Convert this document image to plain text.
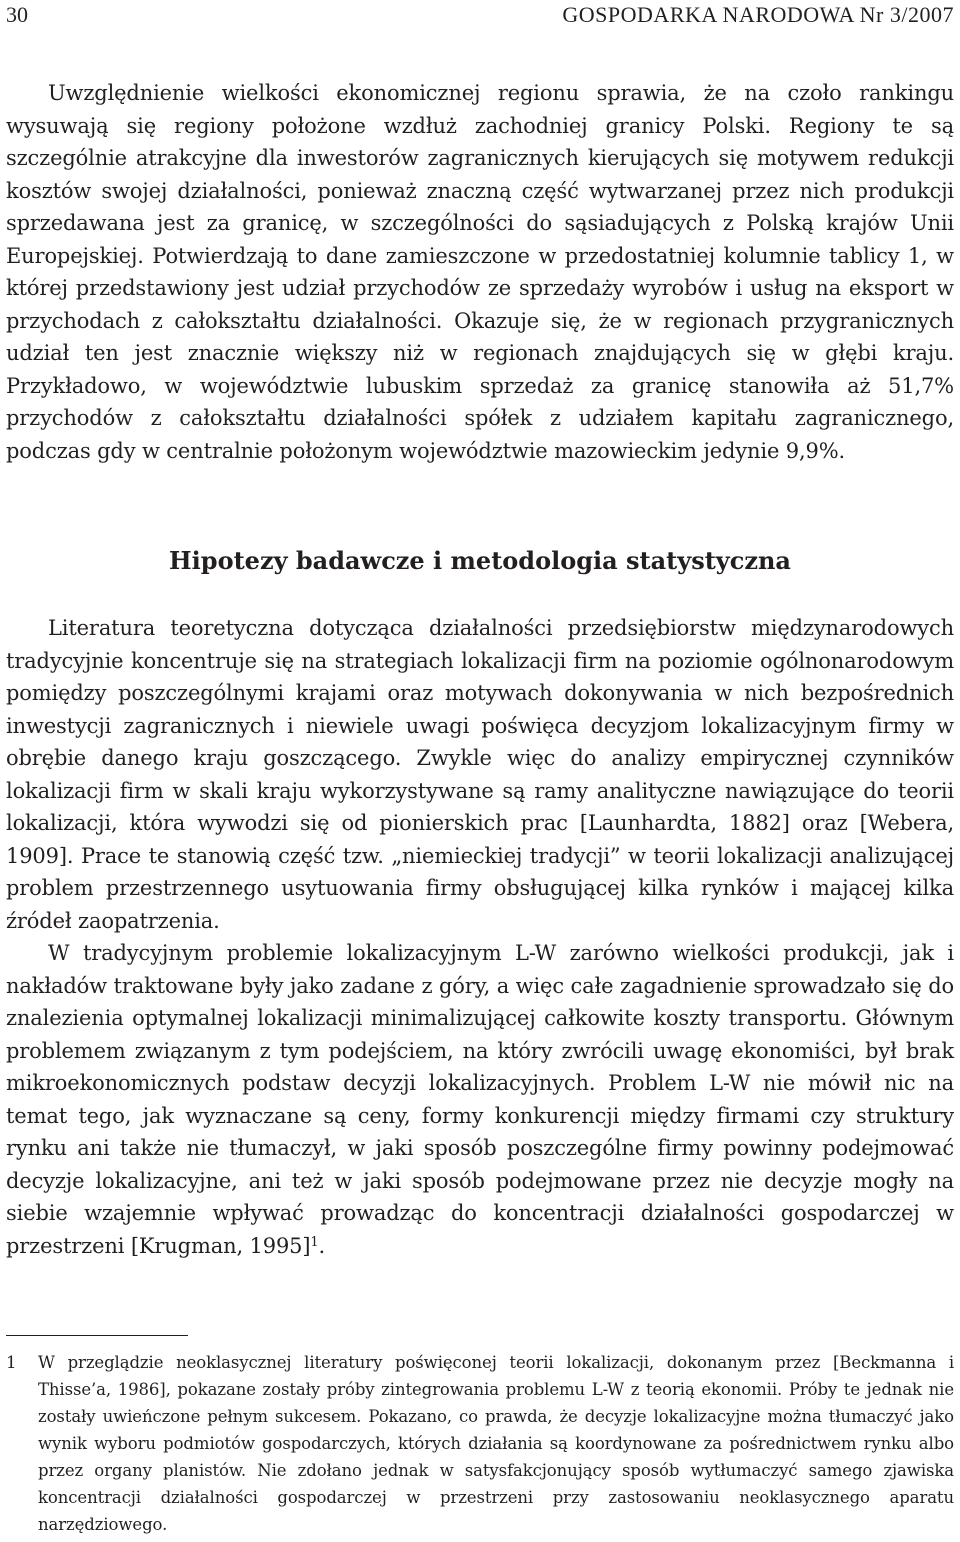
30	GOSPODARKA NARODOWA Nr 3/2007

Uwzględnienie wielkości ekonomicznej regionu sprawia, że na czoło rankingu wysuwają się regiony położone wzdłuż zachodniej granicy Polski. Regiony te są szczególnie atrakcyjne dla inwestorów zagranicznych kierujących się motywem redukcji kosztów swojej działalności, ponieważ znaczną część wytwarzanej przez nich produkcji sprzedawana jest za granicę, w szczególności do sąsiadujących z Polską krajów Unii Europejskiej. Potwierdzają to dane zamieszczone w przedostatniej kolumnie tablicy 1, w której przedstawiony jest udział przychodów ze sprzedaży wyrobów i usług na eksport w przychodach z całokształtu działalności. Okazuje się, że w regionach przygranicznych udział ten jest znacznie większy niż w regionach znajdujących się w głębi kraju. Przykładowo, w województwie lubuskim sprzedaż za granicę stanowiła aż 51,7% przychodów z całokształtu działalności spółek z udziałem kapitału zagranicznego, podczas gdy w centralnie położonym województwie mazowieckim jedynie 9,9%.

Hipotezy badawcze i metodologia statystyczna

Literatura teoretyczna dotycząca działalności przedsiębiorstw międzynarodowych tradycyjnie koncentruje się na strategiach lokalizacji firm na poziomie ogólnonarodowym pomiędzy poszczególnymi krajami oraz motywach dokonywania w nich bezpośrednich inwestycji zagranicznych i niewiele uwagi poświęca decyzjom lokalizacyjnym firmy w obrębie danego kraju goszczącego. Zwykle więc do analizy empirycznej czynników lokalizacji firm w skali kraju wykorzystywane są ramy analityczne nawiązujące do teorii lokalizacji, która wywodzi się od pionierskich prac [Launhardta, 1882] oraz [Webera, 1909]. Prace te stanowią część tzw. „niemieckiej tradycji” w teorii lokalizacji analizującej problem przestrzennego usytuowania firmy obsługującej kilka rynków i mającej kilka źródeł zaopatrzenia.

W tradycyjnym problemie lokalizacyjnym L-W zarówno wielkości produkcji, jak i nakładów traktowane były jako zadane z góry, a więc całe zagadnienie sprowadzało się do znalezienia optymalnej lokalizacji minimalizującej całkowite koszty transportu. Głównym problemem związanym z tym podejściem, na który zwrócili uwagę ekonomiści, był brak mikroekonomicznych podstaw decyzji lokalizacyjnych. Problem L-W nie mówił nic na temat tego, jak wyznaczane są ceny, formy konkurencji między firmami czy struktury rynku ani także nie tłumaczył, w jaki sposób poszczególne firmy powinny podejmować decyzje lokalizacyjne, ani też w jaki sposób podejmowane przez nie decyzje mogły na siebie wzajemnie wpływać prowadząc do koncentracji działalności gospodarczej w przestrzeni [Krugman, 1995]$^1$.

1 W przeglądzie neoklasycznej literatury poświęconej teorii lokalizacji, dokonanym przez [Beckmanna i Thisse’a, 1986], pokazane zostały próby zintegrowania problemu L-W z teorią ekonomii. Próby te jednak nie zostały uwieńczone pełnym sukcesem. Pokazano, co prawda, że decyzje lokalizacyjne można tłumaczyć jako wynik wyboru podmiotów gospodarczych, których działania są koordynowane za pośrednictwem rynku albo przez organy planistów. Nie zdołano jednak w satysfakcjonujący sposób wytłumaczyć samego zjawiska koncentracji działalności gospodarczej w przestrzeni przy zastosowaniu neoklasycznego aparatu narzędziowego.
